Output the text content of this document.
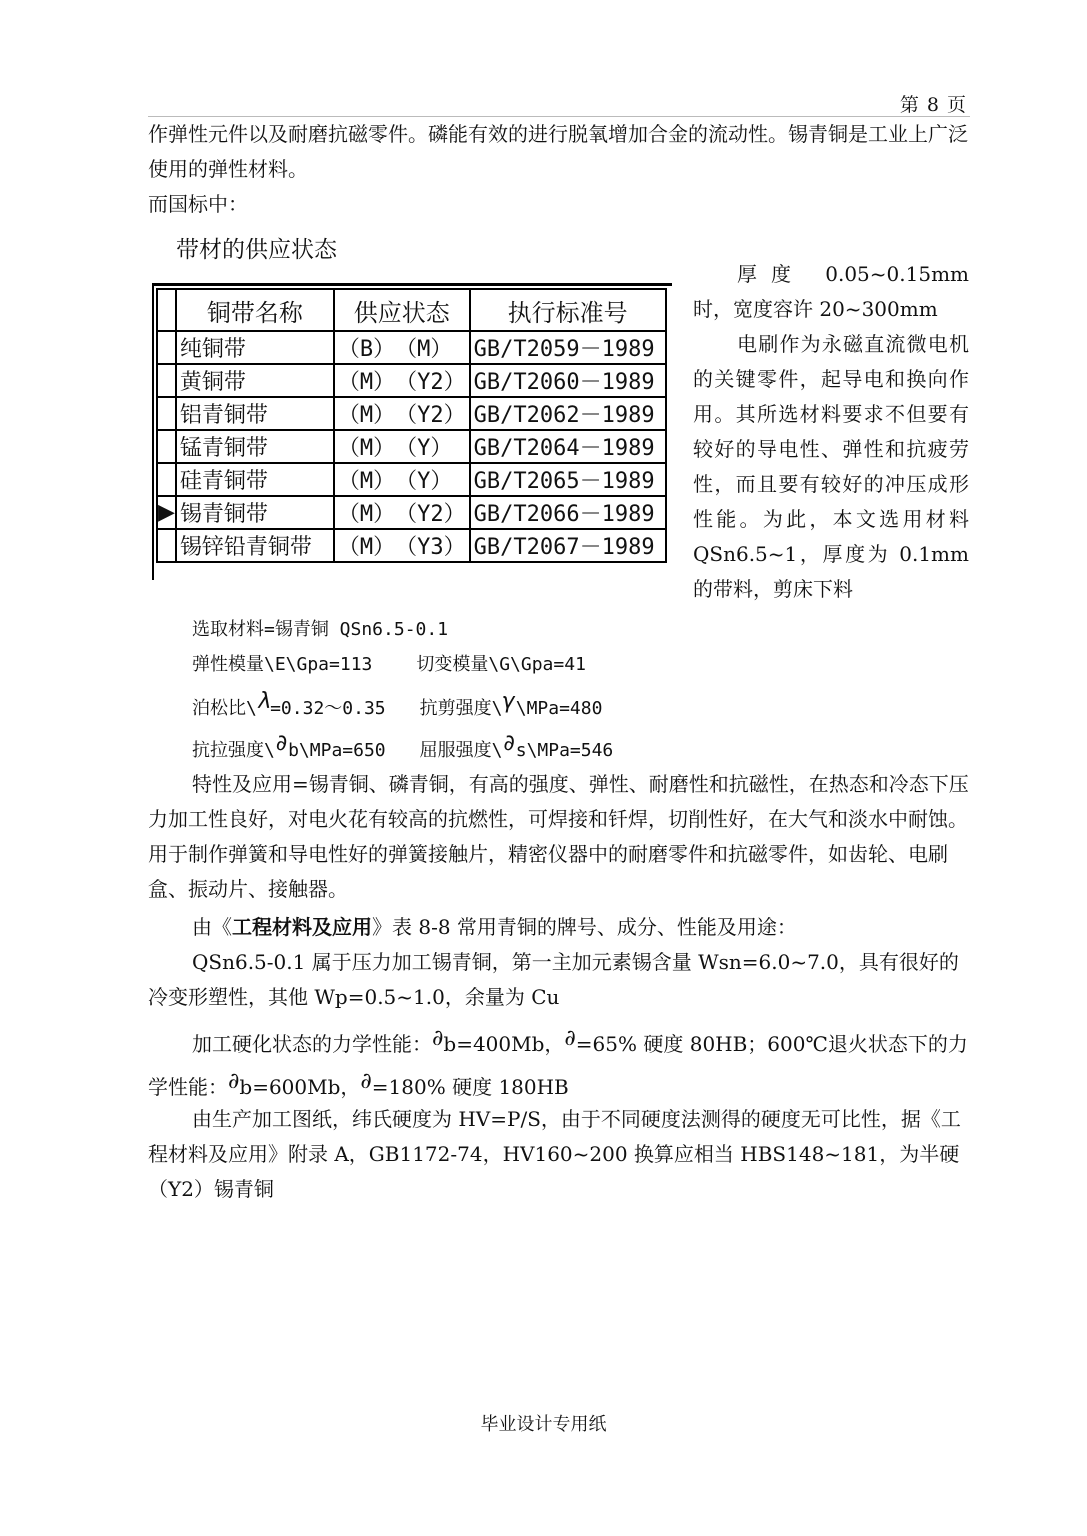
第 8 页
作弹性元件以及耐磨抗磁零件。磷能有效的进行脱氧增加合金的流动性。锡青铜是工业上广泛使用的弹性材料。
而国标中：
带材的供应状态
	铜带名称	供应状态	执行标准号
	纯铜带	（B）　（M）	GB/T2059－1989
	黄铜带	（M）　（Y2）	GB/T2060－1989
	铝青铜带	（M）　（Y2）	GB/T2062－1989
	锰青铜带	（M）　（Y）	GB/T2064－1989
	硅青铜带	（M）　（Y）	GB/T2065－1989
▶	锡青铜带	（M）　（Y2）	GB/T2066－1989
	锡锌铅青铜带	（M）　（Y3）	GB/T2067－1989

厚度 0.05~0.15mm 时，宽度容许 20~300mm

电刷作为永磁直流微电机的关键零件，起导电和换向作用。其所选材料要求不但要有较好的导电性、弹性和抗疲劳性，而且要有较好的冲压成形性能。为此，本文选用材料 QSn6.5~1，厚度为 0.1mm 的带料，剪床下料

选取材料=锡青铜 QSn6.5-0.1
弹性模量\E\Gpa=113 切变模量\G\Gpa=41
泊松比\λ=0.32～0.35 抗剪强度\γ\MPa=480
抗拉强度\∂b\MPa=650 屈服强度\∂s\MPa=546
特性及应用=锡青铜、磷青铜，有高的强度、弹性、耐磨性和抗磁性，在热态和冷态下压力加工性良好，对电火花有较高的抗燃性，可焊接和钎焊，切削性好，在大气和淡水中耐蚀。用于制作弹簧和导电性好的弹簧接触片，精密仪器中的耐磨零件和抗磁零件，如齿轮、电刷盒、振动片、接触器。
由《工程材料及应用》表 8-8 常用青铜的牌号、成分、性能及用途：
QSn6.5-0.1 属于压力加工锡青铜，第一主加元素锡含量 Wsn=6.0~7.0，具有很好的冷变形塑性，其他 Wp=0.5~1.0，余量为 Cu
加工硬化状态的力学性能：∂b=400Mb，∂=65% 硬度 80HB；600℃退火状态下的力学性能：∂b=600Mb，∂=180% 硬度 180HB
由生产加工图纸，纬氏硬度为 HV=P/S，由于不同硬度法测得的硬度无可比性，据《工程材料及应用》附录 A，GB1172-74，HV160~200 换算应相当 HBS148~181，为半硬（Y2）锡青铜
毕业设计专用纸
